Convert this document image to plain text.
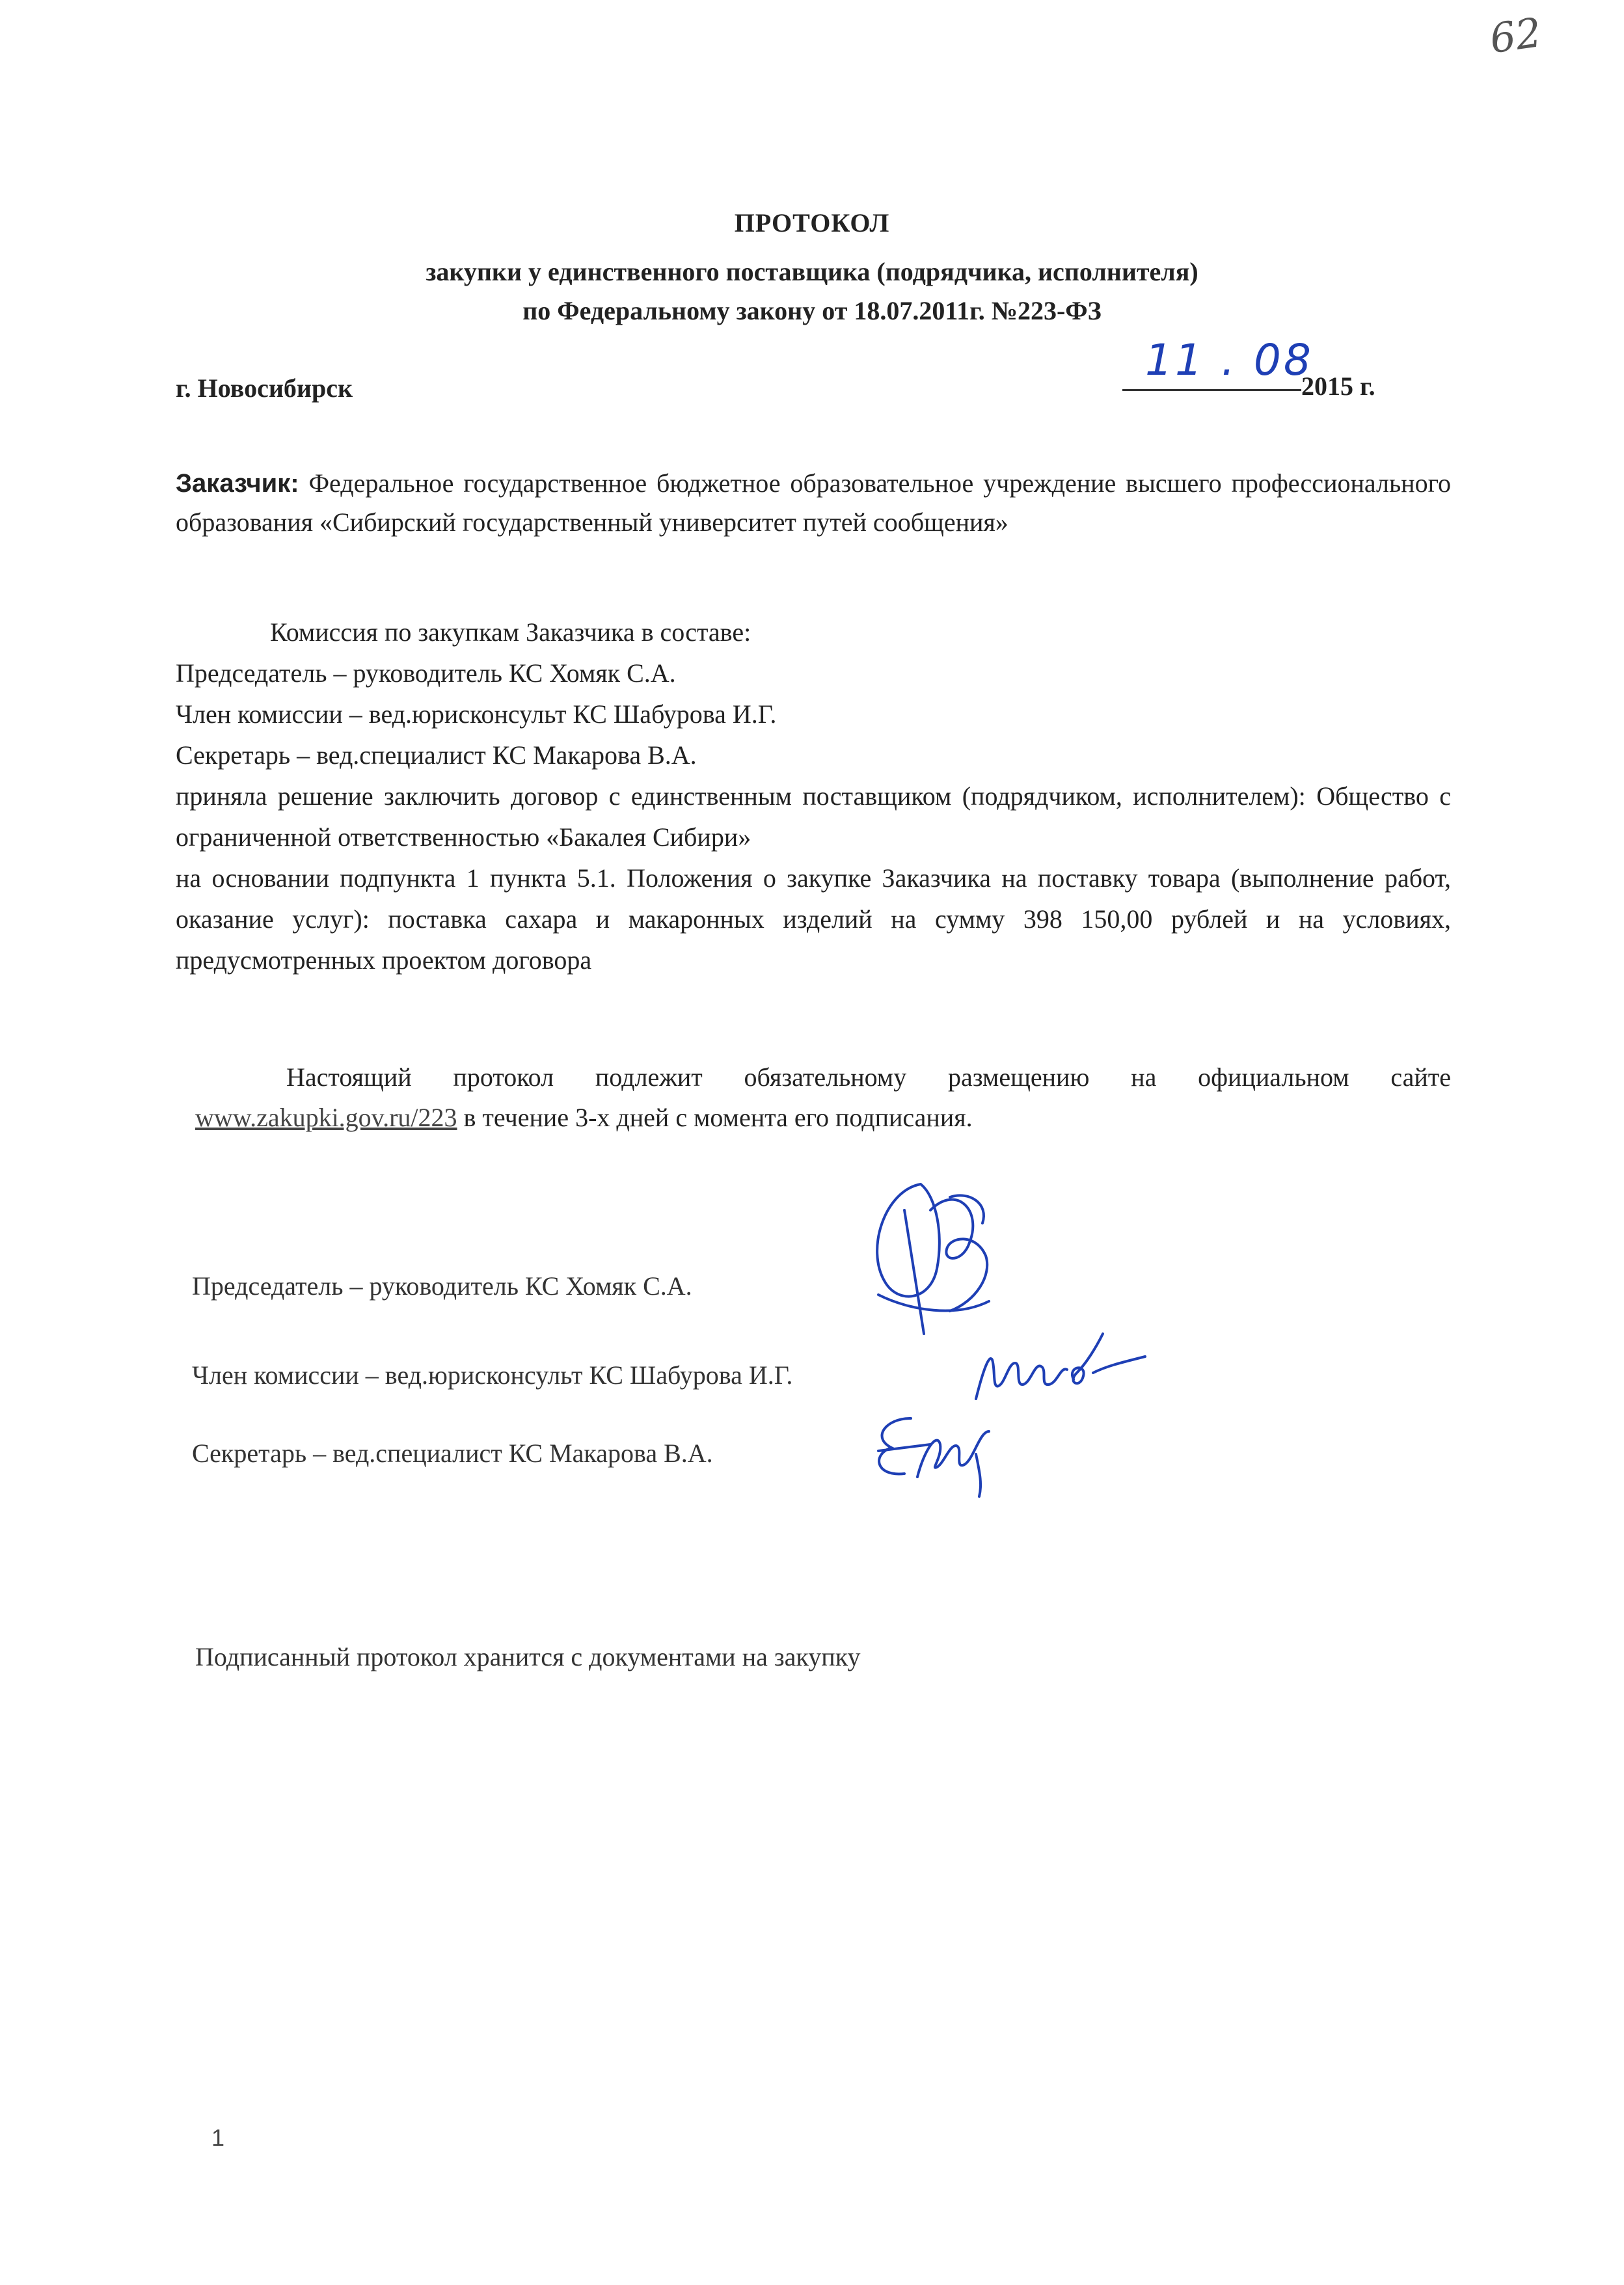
62
ПРОТОКОЛ
закупки у единственного поставщика (подрядчика, исполнителя)
по Федеральному закону от 18.07.2011г. №223-ФЗ
г. Новосибирск
11 . 08
2015 г.
Заказчик: Федеральное государственное бюджетное образовательное учреждение высшего профессионального образования «Сибирский государственный университет путей сообщения»
Комиссия по закупкам Заказчика в составе:
Председатель – руководитель КС Хомяк С.А.
Член комиссии – вед.юрисконсульт КС Шабурова И.Г.
Секретарь – вед.специалист КС Макарова В.А.
приняла решение заключить договор с единственным поставщиком (подрядчиком, исполнителем): Общество с ограниченной ответственностью «Бакалея Сибири»
на основании подпункта 1 пункта 5.1. Положения о закупке Заказчика на поставку товара (выполнение работ, оказание услуг): поставка сахара и макаронных изделий на сумму 398 150,00 рублей и на условиях, предусмотренных проектом договора
Настоящий протокол подлежит обязательному размещению на официальном сайте
www.zakupki.gov.ru/223 в течение 3-х дней с момента его подписания.
Председатель – руководитель КС Хомяк С.А.
Член комиссии – вед.юрисконсульт КС Шабурова И.Г.
Секретарь – вед.специалист КС Макарова В.А.
Подписанный протокол хранится с документами на закупку
1
